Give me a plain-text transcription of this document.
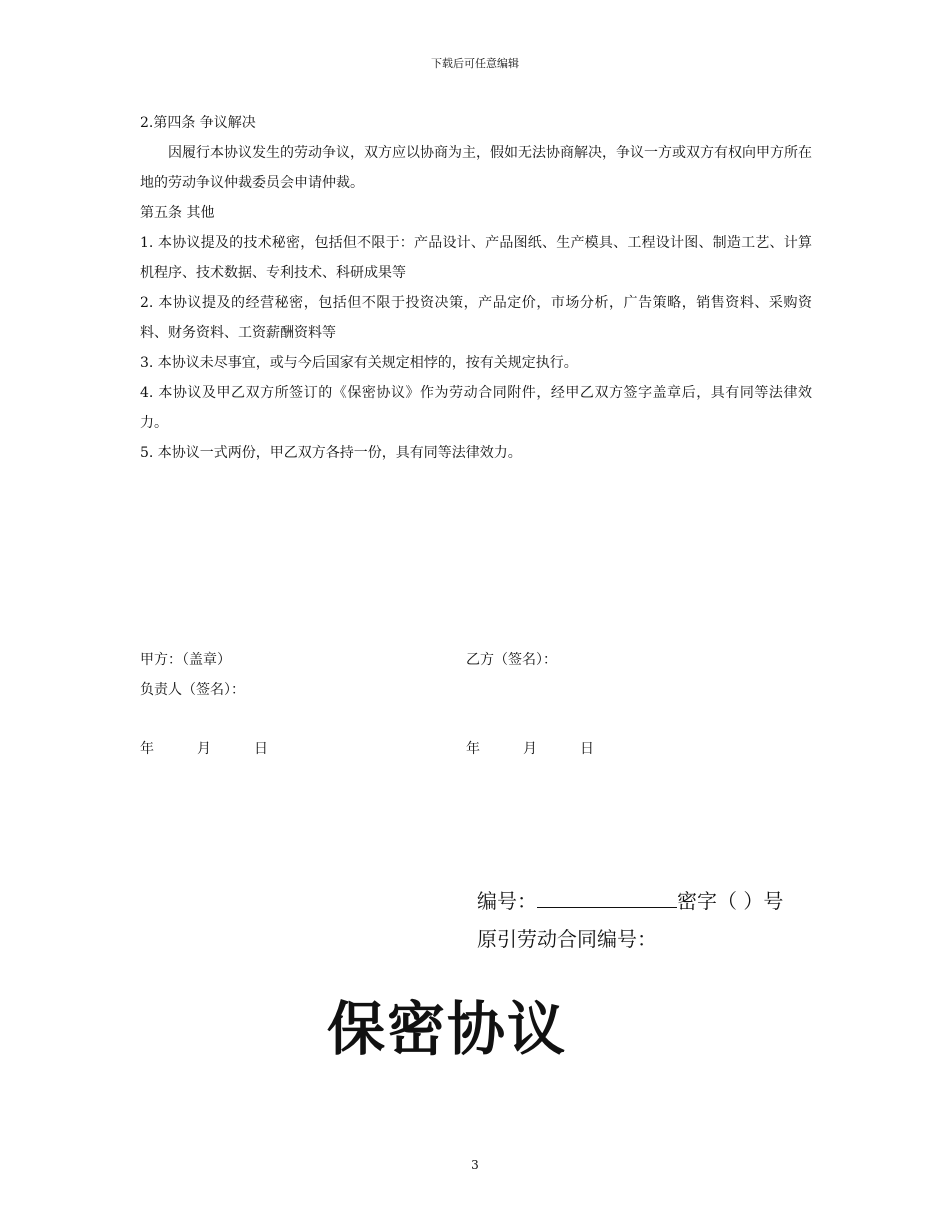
下载后可任意编辑
2.第四条 争议解决

因履行本协议发生的劳动争议，双方应以协商为主，假如无法协商解决，争议一方或双方有权向甲方所在地的劳动争议仲裁委员会申请仲裁。

第五条 其他

1. 本协议提及的技术秘密，包括但不限于：产品设计、产品图纸、生产模具、工程设计图、制造工艺、计算机程序、技术数据、专利技术、科研成果等

2. 本协议提及的经营秘密，包括但不限于投资决策，产品定价，市场分析，广告策略，销售资料、采购资料、财务资料、工资薪酬资料等

3. 本协议未尽事宜，或与今后国家有关规定相悖的，按有关规定执行。

4. 本协议及甲乙双方所签订的《保密协议》作为劳动合同附件，经甲乙双方签字盖章后，具有同等法律效力。

5. 本协议一式两份，甲乙双方各持一份，具有同等法律效力。

甲方：（盖章）	乙方（签名）：
负责人（签名）：
年	月	日	年	月	日
编号：	密字（ ）号
原引劳动合同编号：
保密协议
3
